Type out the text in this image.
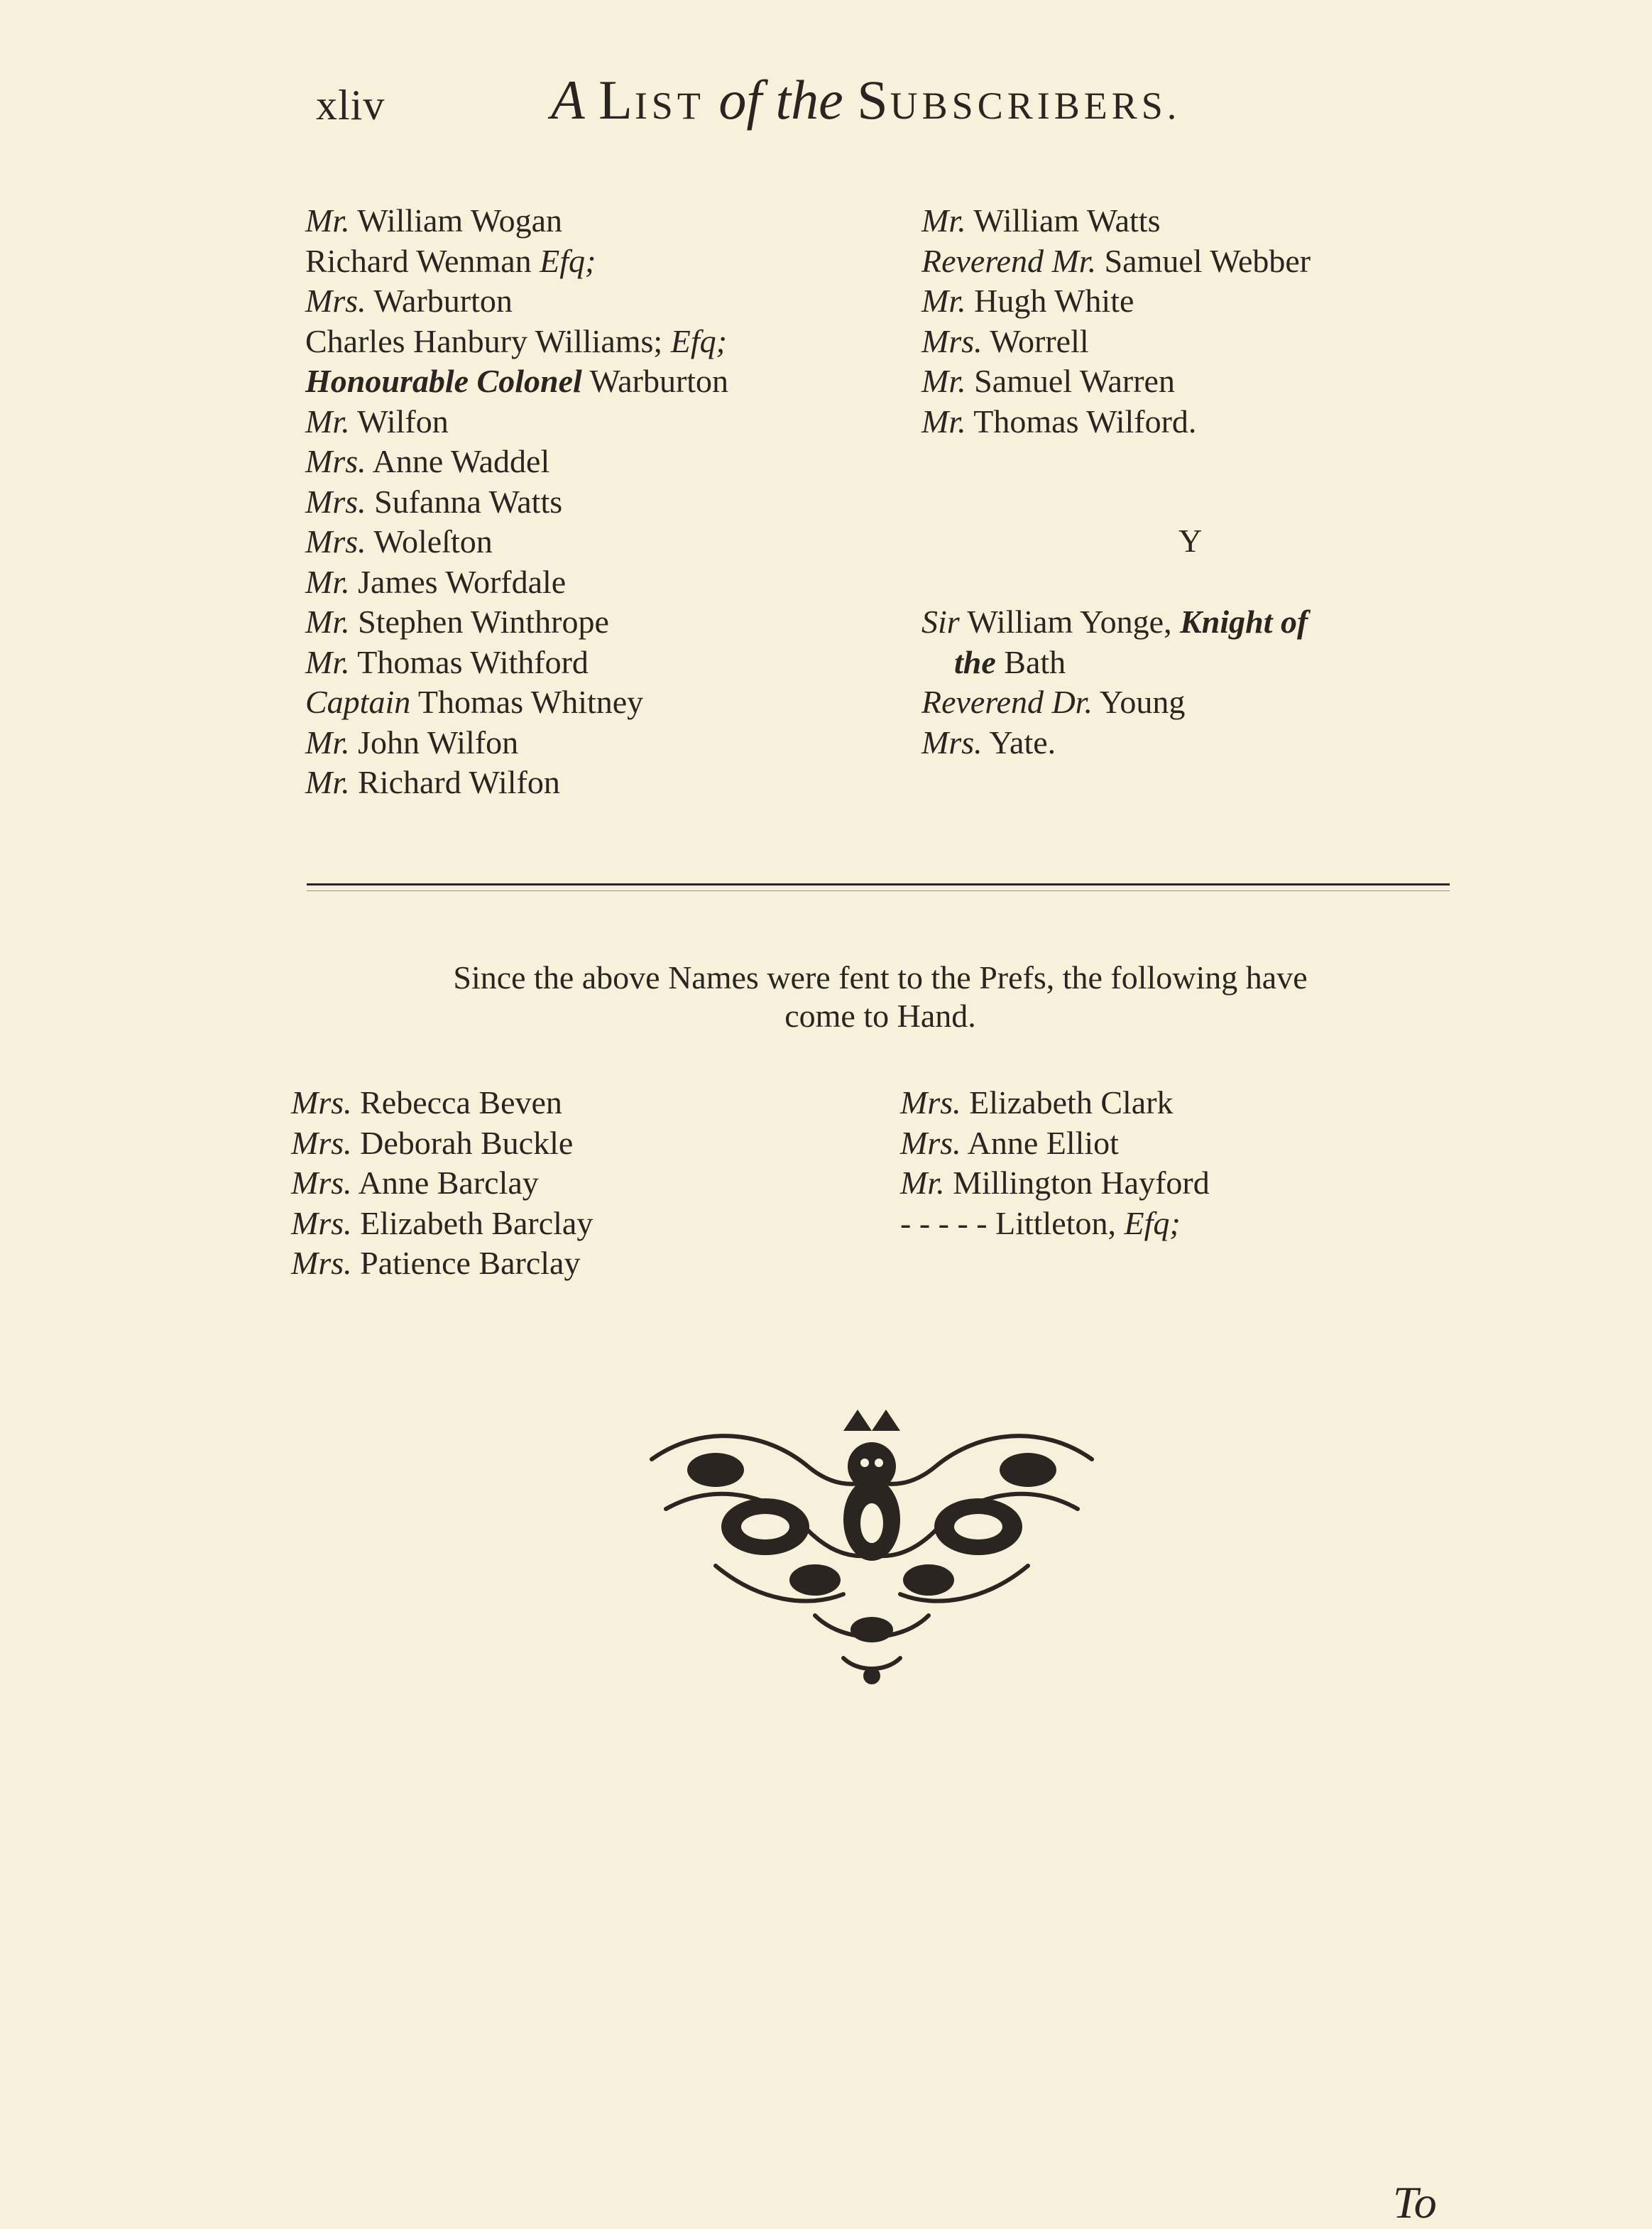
xliv	A LIST of the SUBSCRIBERS.
Mr. William Wogan
Richard Wenman Efq;
Mrs. Warburton
Charles Hanbury Williams; Efq;
Honourable Colonel Warburton
Mr. Wilfon
Mrs. Anne Waddel
Mrs. Sufanna Watts
Mrs. Woleſton
Mr. James Worfdale
Mr. Stephen Winthrope
Mr. Thomas Withford
Captain Thomas Whitney
Mr. John Wilfon
Mr. Richard Wilfon
Mr. William Watts
Reverend Mr. Samuel Webber
Mr. Hugh White
Mrs. Worrell
Mr. Samuel Warren
Mr. Thomas Wilford.
Y
Sir William Yonge, Knight of
the Bath
Reverend Dr. Young
Mrs. Yate.
Since the above Names were fent to the Prefs, the following have
come to Hand.
Mrs. Rebecca Beven
Mrs. Deborah Buckle
Mrs. Anne Barclay
Mrs. Elizabeth Barclay
Mrs. Patience Barclay
Mrs. Elizabeth Clark
Mrs. Anne Elliot
Mr. Millington Hayford
- - - - - Littleton, Efq;
To
